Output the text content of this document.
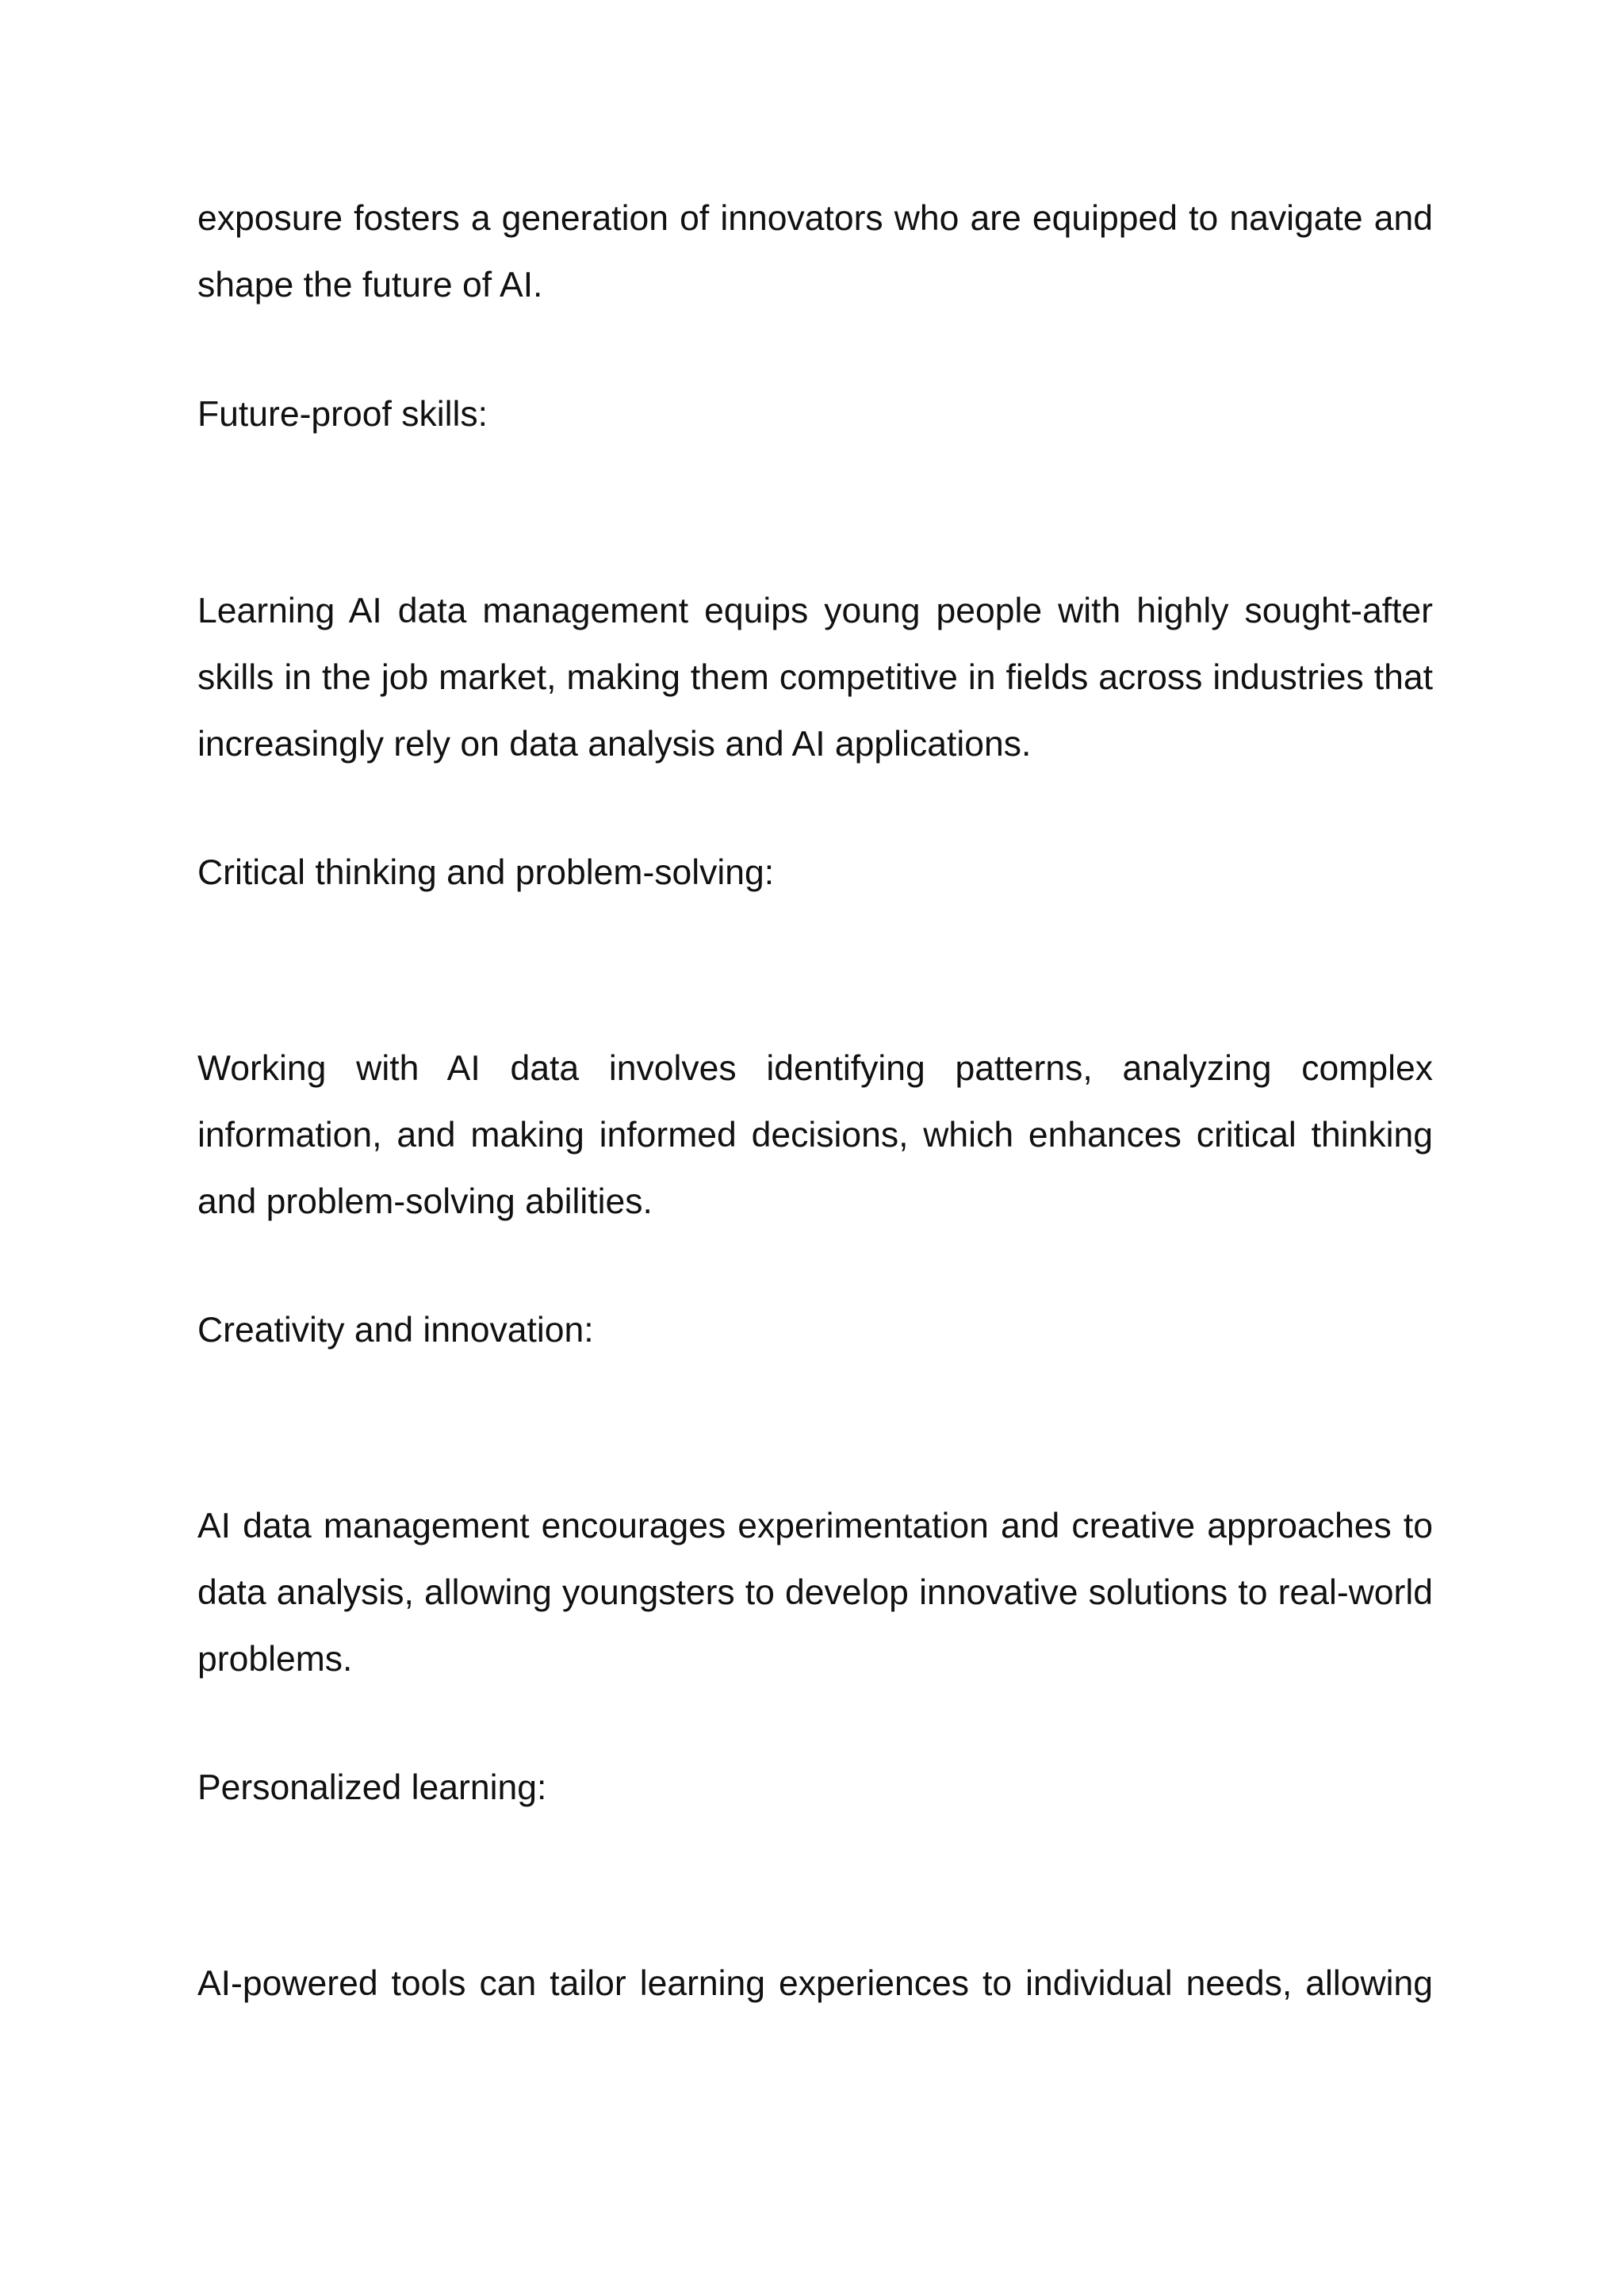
exposure fosters a generation of innovators who are equipped to navigate and shape the future of AI.

Future-proof skills:

Learning AI data management equips young people with highly sought-after skills in the job market, making them competitive in fields across industries that increasingly rely on data analysis and AI applications.

Critical thinking and problem-solving:

Working with AI data involves identifying patterns, analyzing complex information, and making informed decisions, which enhances critical thinking and problem-solving abilities.

Creativity and innovation:

AI data management encourages experimentation and creative approaches to data analysis, allowing youngsters to develop innovative solutions to real-world problems.

Personalized learning:

AI-powered tools can tailor learning experiences to individual needs, allowing
